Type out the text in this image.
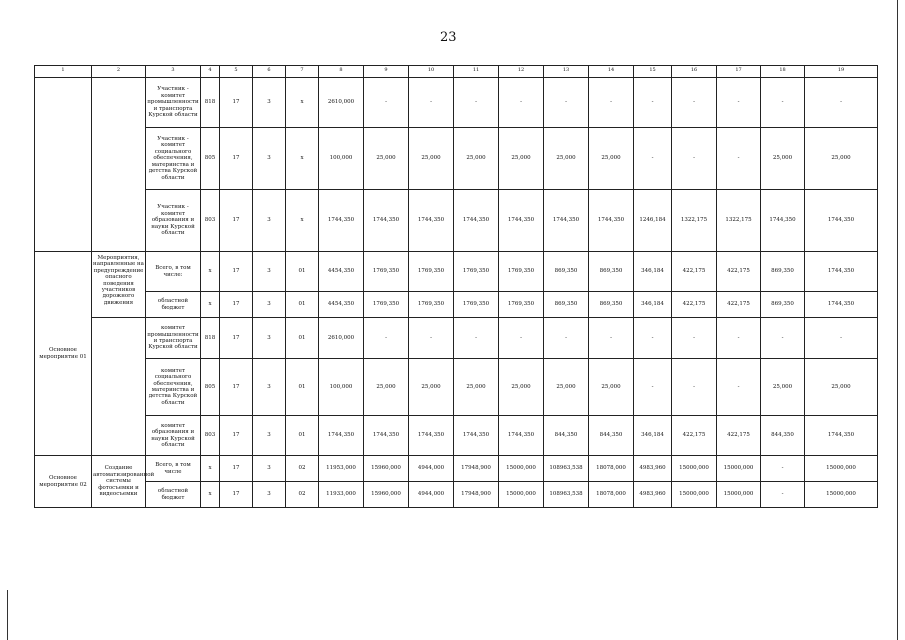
23
1	2	3	4	5	6	7	8	9	10	11	12	13	14	15	16	17	18	19
		Участник - комитет промышленности и транспорта Курской области	818	17	3	х	2610,000	-	-	-	-	-	-	-	-	-	-	-
		Участник - комитет социального обеспечения, материнства и детства Курской области	805	17	3	х	100,000	25,000	25,000	25,000	25,000	25,000	25,000	-	-	-	25,000	25,000
		Участник - комитет образования и науки Курской области	803	17	3	х	1744,350	1744,350	1744,350	1744,350	1744,350	1744,350	1744,350	1246,184	1322,175	1322,175	1744,350	1744,350
Основное мероприятие 01	Мероприятия, направленные на предупреждение опасного поведения участников дорожного движения	Всего, в том числе:	х	17	3	01	4454,350	1769,350	1769,350	1769,350	1769,350	869,350	869,350	346,184	422,175	422,175	869,350	1744,350
		областной бюджет	х	17	3	01	4454,350	1769,350	1769,350	1769,350	1769,350	869,350	869,350	346,184	422,175	422,175	869,350	1744,350
		комитет промышленности и транспорта Курской области	818	17	3	01	2610,000	-	-	-	-	-	-	-	-	-	-	-
		комитет социального обеспечения, материнства и детства Курской области	805	17	3	01	100,000	25,000	25,000	25,000	25,000	25,000	25,000	-	-	-	25,000	25,000
		комитет образования и науки Курской области	803	17	3	01	1744,350	1744,350	1744,350	1744,350	1744,350	844,350	844,350	346,184	422,175	422,175	844,350	1744,350
Основное мероприятие 02	Создание автоматизированной системы фотосъемки и видеосъемки	Всего, в том числе	х	17	3	02	11953,000	15960,000	4944,000	17948,900	15000,000	108963,538	18078,000	4983,960	15000,000	15000,000	-	15000,000
		областной бюджет	х	17	3	02	11933,000	15960,000	4944,000	17948,900	15000,000	108963,538	18078,000	4983,960	15000,000	15000,000	-	15000,000
